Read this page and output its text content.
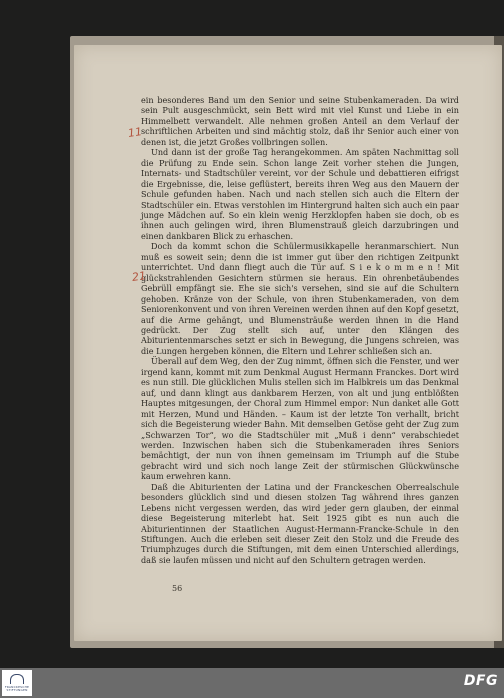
ein besonderes Band um den Senior und seine Stubenkameraden. Da wird sein Pult ausgeschmückt, sein Bett wird mit viel Kunst und Liebe in ein Himmelbett verwandelt. Alle nehmen großen Anteil an dem Verlauf der schriftlichen Arbeiten und sind mächtig stolz, daß ihr Senior auch einer von denen ist, die jetzt Großes vollbringen sollen.

Und dann ist der große Tag herangekommen. Am späten Nachmittag soll die Prüfung zu Ende sein. Schon lange Zeit vorher stehen die Jungen, Internats- und Stadtschüler vereint, vor der Schule und debattieren eifrigst die Ergebnisse, die, leise geflüstert, bereits ihren Weg aus den Mauern der Schule gefunden haben. Nach und nach stellen sich auch die Eltern der Stadtschüler ein. Etwas verstohlen im Hintergrund halten sich auch ein paar junge Mädchen auf. So ein klein wenig Herzklopfen haben sie doch, ob es ihnen auch gelingen wird, ihren Blumenstrauß gleich darzubringen und einen dankbaren Blick zu erhaschen.

Doch da kommt schon die Schülermusikkapelle heranmarschiert. Nun muß es soweit sein; denn die ist immer gut über den richtigen Zeitpunkt unterrichtet. Und dann fliegt auch die Tür auf. S i e k o m m e n ! Mit glückstrahlenden Gesichtern stürmen sie heraus. Ein ohrenbetäubendes Gebrüll empfängt sie. Ehe sie sich's versehen, sind sie auf die Schultern gehoben. Kränze von der Schule, von ihren Stubenkameraden, von dem Seniorenkonvent und von ihren Vereinen werden ihnen auf den Kopf gesetzt, auf die Arme gehängt, und Blumensträuße werden ihnen in die Hand gedrückt. Der Zug stellt sich auf, unter den Klängen des Abiturientenmarsches setzt er sich in Bewegung, die Jungens schreien, was die Lungen hergeben können, die Eltern und Lehrer schließen sich an.

Überall auf dem Weg, den der Zug nimmt, öffnen sich die Fenster, und wer irgend kann, kommt mit zum Denkmal August Hermann Franckes. Dort wird es nun still. Die glücklichen Mulis stellen sich im Halbkreis um das Denkmal auf, und dann klingt aus dankbarem Herzen, von alt und jung entblößten Hauptes mitgesungen, der Choral zum Himmel empor: Nun danket alle Gott mit Herzen, Mund und Händen. – Kaum ist der letzte Ton verhallt, bricht sich die Begeisterung wieder Bahn. Mit demselben Getöse geht der Zug zum „Schwarzen Tor“, wo die Stadtschüler mit „Muß i denn“ verabschiedet werden. Inzwischen haben sich die Stubenkameraden ihres Seniors bemächtigt, der nun von ihnen gemeinsam im Triumph auf die Stube gebracht wird und sich noch lange Zeit der stürmischen Glückwünsche kaum erwehren kann.

Daß die Abiturienten der Latina und der Franckeschen Oberrealschule besonders glücklich sind und diesen stolzen Tag während ihres ganzen Lebens nicht vergessen werden, das wird jeder gern glauben, der einmal diese Begeisterung miterlebt hat. Seit 1925 gibt es nun auch die Abiturientinnen der Staatlichen August-Hermann-Francke-Schule in den Stiftungen. Auch die erleben seit dieser Zeit den Stolz und die Freude des Triumphzuges durch die Stiftungen, mit dem einen Unterschied allerdings, daß sie laufen müssen und nicht auf den Schultern getragen werden.

11
21
56
FRANCKESCHE STIFTUNGEN
DFG
